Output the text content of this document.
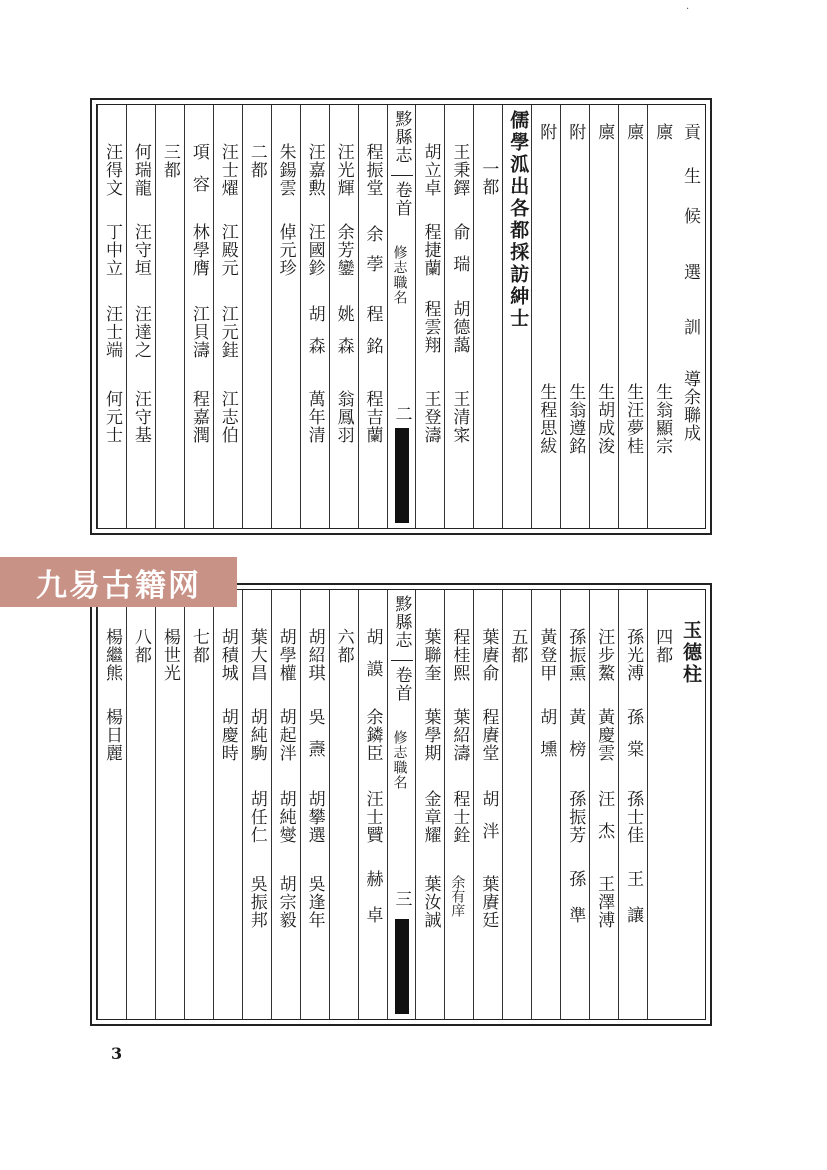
·
貢
生
候
選
訓
導余聯成
廪
生翁顯宗
廪
生汪夢桂
廪
生胡成浚
附
生翁遵銘
附
生程思紱
儒學泒出各都採訪紳士
一都
王秉鐸
俞
瑞
胡德藹
王清寀
胡立卓
程捷蘭
程雲翔
王登濤
黟縣志
卷首
修志職名
二
程振堂
余
荸
程
銘
程吉蘭
汪光輝
余芳鑾
姚
森
翁鳳羽
汪嘉勲
汪國鉁
胡
森
萬年清
朱鍚雲
倬元珍
二都
汪士燿
江殿元
江元銈
江志伯
項
容
林學膺
江貝濤
程嘉潤
三都
何瑞龍
汪守垣
汪達之
汪守基
汪得文
丁中立
汪士端
何元士
玉德柱
四都
孫光溥
孫
棠
孫士佳
王
讓
汪步鰲
黃慶雲
汪
杰
王澤溥
孫振熏
黃
榜
孫振芳
孫
準
黃登甲
胡
壎
五都
葉賡俞
程賡堂
胡
泮
葉賡廷
程桂熙
葉紹濤
程士銓
余有庠
葉聯奎
葉學期
金章耀
葉汝誠
黟縣志
卷首
修志職名
三
胡
謨
余鏻臣
汪士贒
赫
卓
六都
胡紹琪
吳
燾
胡攀選
吳逢年
胡學權
胡起泮
胡純燮
胡宗毅
葉大昌
胡純駒
胡任仁
吳振邦
胡積城
胡慶時
七都
楊世光
八都
楊繼熊
楊日麗
九易古籍网
3
